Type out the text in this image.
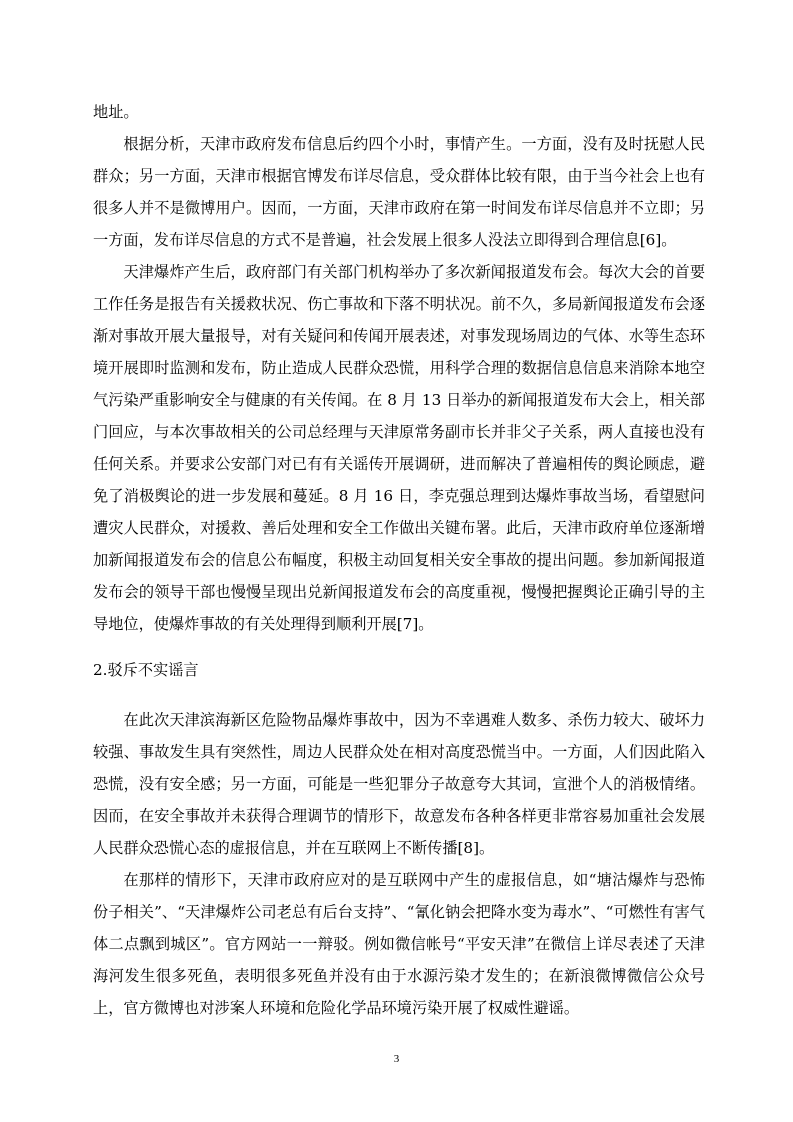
地址。

根据分析，天津市政府发布信息后约四个小时，事情产生。一方面，没有及时抚慰人民群众；另一方面，天津市根据官博发布详尽信息，受众群体比较有限，由于当今社会上也有很多人并不是微博用户。因而，一方面，天津市政府在第一时间发布详尽信息并不立即；另一方面，发布详尽信息的方式不是普遍，社会发展上很多人没法立即得到合理信息[6]。

天津爆炸产生后，政府部门有关部门机构举办了多次新闻报道发布会。每次大会的首要工作任务是报告有关援救状况、伤亡事故和下落不明状况。前不久，多局新闻报道发布会逐渐对事故开展大量报导，对有关疑问和传闻开展表述，对事发现场周边的气体、水等生态环境开展即时监测和发布，防止造成人民群众恐慌，用科学合理的数据信息信息来消除本地空气污染严重影响安全与健康的有关传闻。在 8 月 13 日举办的新闻报道发布大会上，相关部门回应，与本次事故相关的公司总经理与天津原常务副市长并非父子关系，两人直接也没有任何关系。并要求公安部门对已有有关谣传开展调研，进而解决了普遍相传的舆论顾虑，避免了消极舆论的进一步发展和蔓延。8 月 16 日，李克强总理到达爆炸事故当场，看望慰问遭灾人民群众，对援救、善后处理和安全工作做出关键布署。此后，天津市政府单位逐渐增加新闻报道发布会的信息公布幅度，积极主动回复相关安全事故的提出问题。参加新闻报道发布会的领导干部也慢慢呈现出兑新闻报道发布会的高度重视，慢慢把握舆论正确引导的主导地位，使爆炸事故的有关处理得到顺利开展[7]。

2.驳斥不实谣言

在此次天津滨海新区危险物品爆炸事故中，因为不幸遇难人数多、杀伤力较大、破坏力较强、事故发生具有突然性，周边人民群众处在相对高度恐慌当中。一方面，人们因此陷入恐慌，没有安全感；另一方面，可能是一些犯罪分子故意夸大其词，宣泄个人的消极情绪。因而，在安全事故并未获得合理调节的情形下，故意发布各种各样更非常容易加重社会发展人民群众恐慌心态的虚报信息，并在互联网上不断传播[8]。

在那样的情形下，天津市政府应对的是互联网中产生的虚报信息，如“塘沽爆炸与恐怖份子相关”、“天津爆炸公司老总有后台支持”、“氰化钠会把降水变为毒水”、“可燃性有害气体二点飘到城区”。官方网站一一辩驳。例如微信帐号“平安天津”在微信上详尽表述了天津海河发生很多死鱼，表明很多死鱼并没有由于水源污染才发生的；在新浪微博微信公众号上，官方微博也对涉案人环境和危险化学品环境污染开展了权威性避谣。

3
